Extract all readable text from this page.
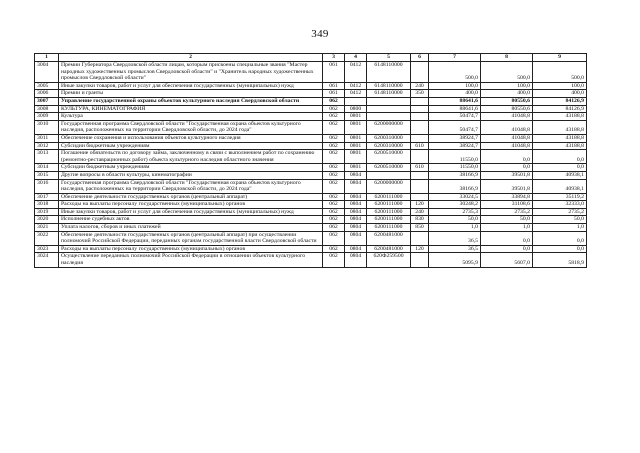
349
1	2	3	4	5	6	7	8	9
3004	Премии Губернатора Свердловской области лицам, которым присвоены специальные звания "Мастер народных художественных промыслов Свердловской области" и "Хранитель народных художественных промыслов Свердловской области"	061	0412	6148110000		500,0	500,0	500,0
3005	Иные закупки товаров, работ и услуг для обеспечения государственных (муниципальных) нужд	061	0412	6148110000	240	100,0	100,0	100,0
3006	Премии и гранты	061	0412	6148110000	350	400,0	400,0	400,0
3007	Управление государственной охраны объектов культурного наследия Свердловской области	062				88641,6	80550,6	84126,9
3008	КУЛЬТУРА, КИНЕМАТОГРАФИЯ	062	0800			88641,6	80550,6	84126,9
3009	Культура	062	0801			50474,7	41048,8	43188,8
3010	Государственная программа Свердловской области "Государственная охрана объектов культурного наследия, расположенных на территории Свердловской области, до 2024 года"	062	0801	6200000000		50474,7	41048,8	43188,8
3011	Обеспечение сохранения и использования объектов культурного наследия	062	0801	6200310000		38924,7	41048,8	43188,8
3012	Субсидии бюджетным учреждениям	062	0801	6200310000	610	38924,7	41048,8	43188,8
3013	Погашение обязательств по договору займа, заключенному в связи с выполнением работ по сохранению (ремонтно-реставрационных работ) объекта культурного наследия областного значения	062	0801	6200510000		11550,0	0,0	0,0
3014	Субсидии бюджетным учреждениям	062	0801	6200510000	610	11550,0	0,0	0,0
3015	Другие вопросы в области культуры, кинематографии	062	0804			38166,9	39501,8	40938,1
3016	Государственная программа Свердловской области "Государственная охрана объектов культурного наследия, расположенных на территории Свердловской области, до 2024 года"	062	0804	6200000000		38166,9	39501,8	40938,1
3017	Обеспечение деятельности государственных органов (центральный аппарат)	062	0804	6200111000		33024,5	33894,8	35119,2
3018	Расходы на выплаты персоналу государственных (муниципальных) органов	062	0804	6200111000	120	30248,2	31108,6	32333,0
3019	Иные закупки товаров, работ и услуг для обеспечения государственных (муниципальных) нужд	062	0804	6200111000	240	2735,3	2735,2	2735,2
3020	Исполнение судебных актов	062	0804	6200111000	830	50,0	50,0	50,0
3021	Уплата налогов, сборов и иных платежей	062	0804	6200111000	850	1,0	1,0	1,0
3022	Обеспечение деятельности государственных органов (центральный аппарат) при осуществлении полномочий Российской Федерации, переданных органам государственной власти Свердловской области	062	0804	6200481000		36,5	0,0	0,0
3023	Расходы на выплаты персоналу государственных (муниципальных) органов	062	0804	6200481000	120	36,5	0,0	0,0
3024	Осуществление переданных полномочий Российской Федерации в отношении объектов культурного наследия	062	0804	620Ф259500		5095,9	5607,0	5818,9
